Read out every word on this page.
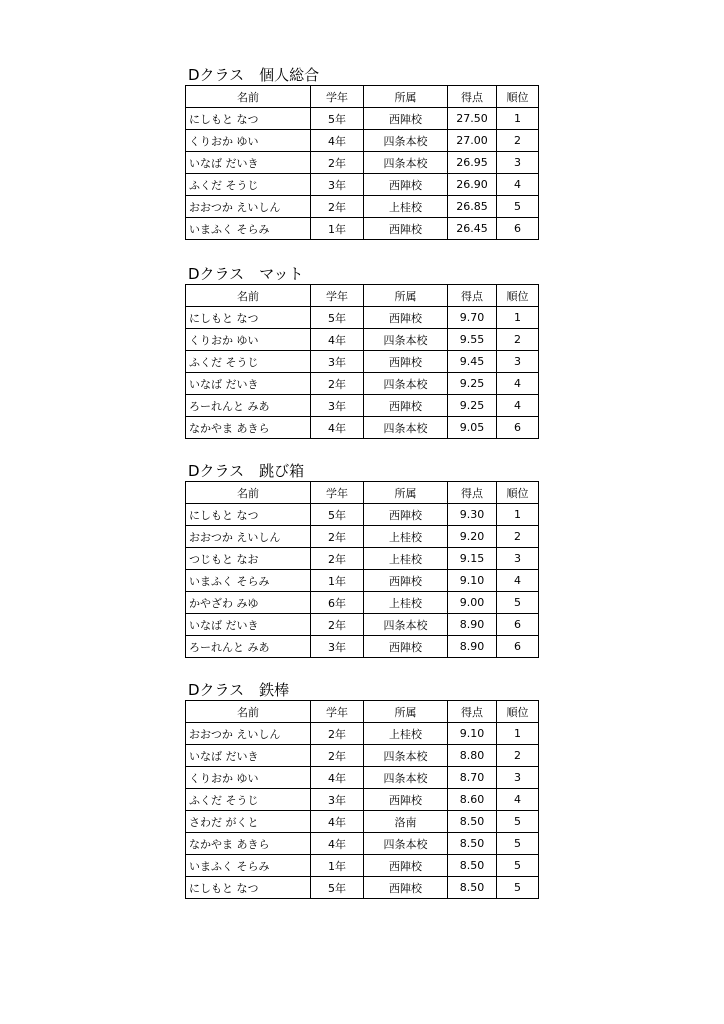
Dクラス　個人総合
名前	学年	所属	得点	順位
にしもと なつ	5年	西陣校	27.50	1
くりおか ゆい	4年	四条本校	27.00	2
いなば だいき	2年	四条本校	26.95	3
ふくだ そうじ	3年	西陣校	26.90	4
おおつか えいしん	2年	上桂校	26.85	5
いまふく そらみ	1年	西陣校	26.45	6
Dクラス　マット
名前	学年	所属	得点	順位
にしもと なつ	5年	西陣校	9.70	1
くりおか ゆい	4年	四条本校	9.55	2
ふくだ そうじ	3年	西陣校	9.45	3
いなば だいき	2年	四条本校	9.25	4
ろーれんと みあ	3年	西陣校	9.25	4
なかやま あきら	4年	四条本校	9.05	6
Dクラス　跳び箱
名前	学年	所属	得点	順位
にしもと なつ	5年	西陣校	9.30	1
おおつか えいしん	2年	上桂校	9.20	2
つじもと なお	2年	上桂校	9.15	3
いまふく そらみ	1年	西陣校	9.10	4
かやざわ みゆ	6年	上桂校	9.00	5
いなば だいき	2年	四条本校	8.90	6
ろーれんと みあ	3年	西陣校	8.90	6
Dクラス　鉄棒
名前	学年	所属	得点	順位
おおつか えいしん	2年	上桂校	9.10	1
いなば だいき	2年	四条本校	8.80	2
くりおか ゆい	4年	四条本校	8.70	3
ふくだ そうじ	3年	西陣校	8.60	4
さわだ がくと	4年	洛南	8.50	5
なかやま あきら	4年	四条本校	8.50	5
いまふく そらみ	1年	西陣校	8.50	5
にしもと なつ	5年	西陣校	8.50	5
